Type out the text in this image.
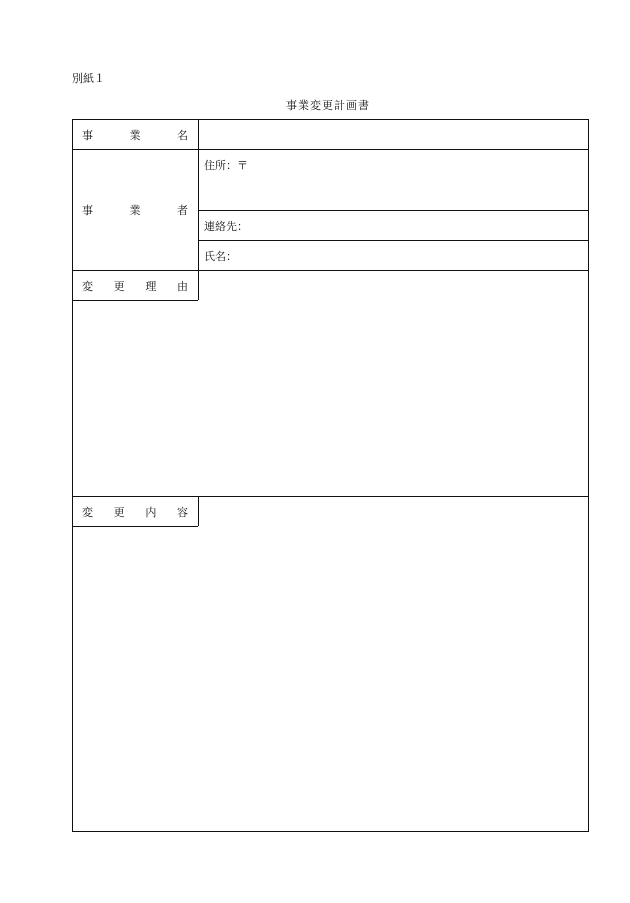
別紙１
事業変更計画書
事	業	名
事	業	者
住所：〒
連絡先：
氏名：
変 更 理 由
変 更 内 容
